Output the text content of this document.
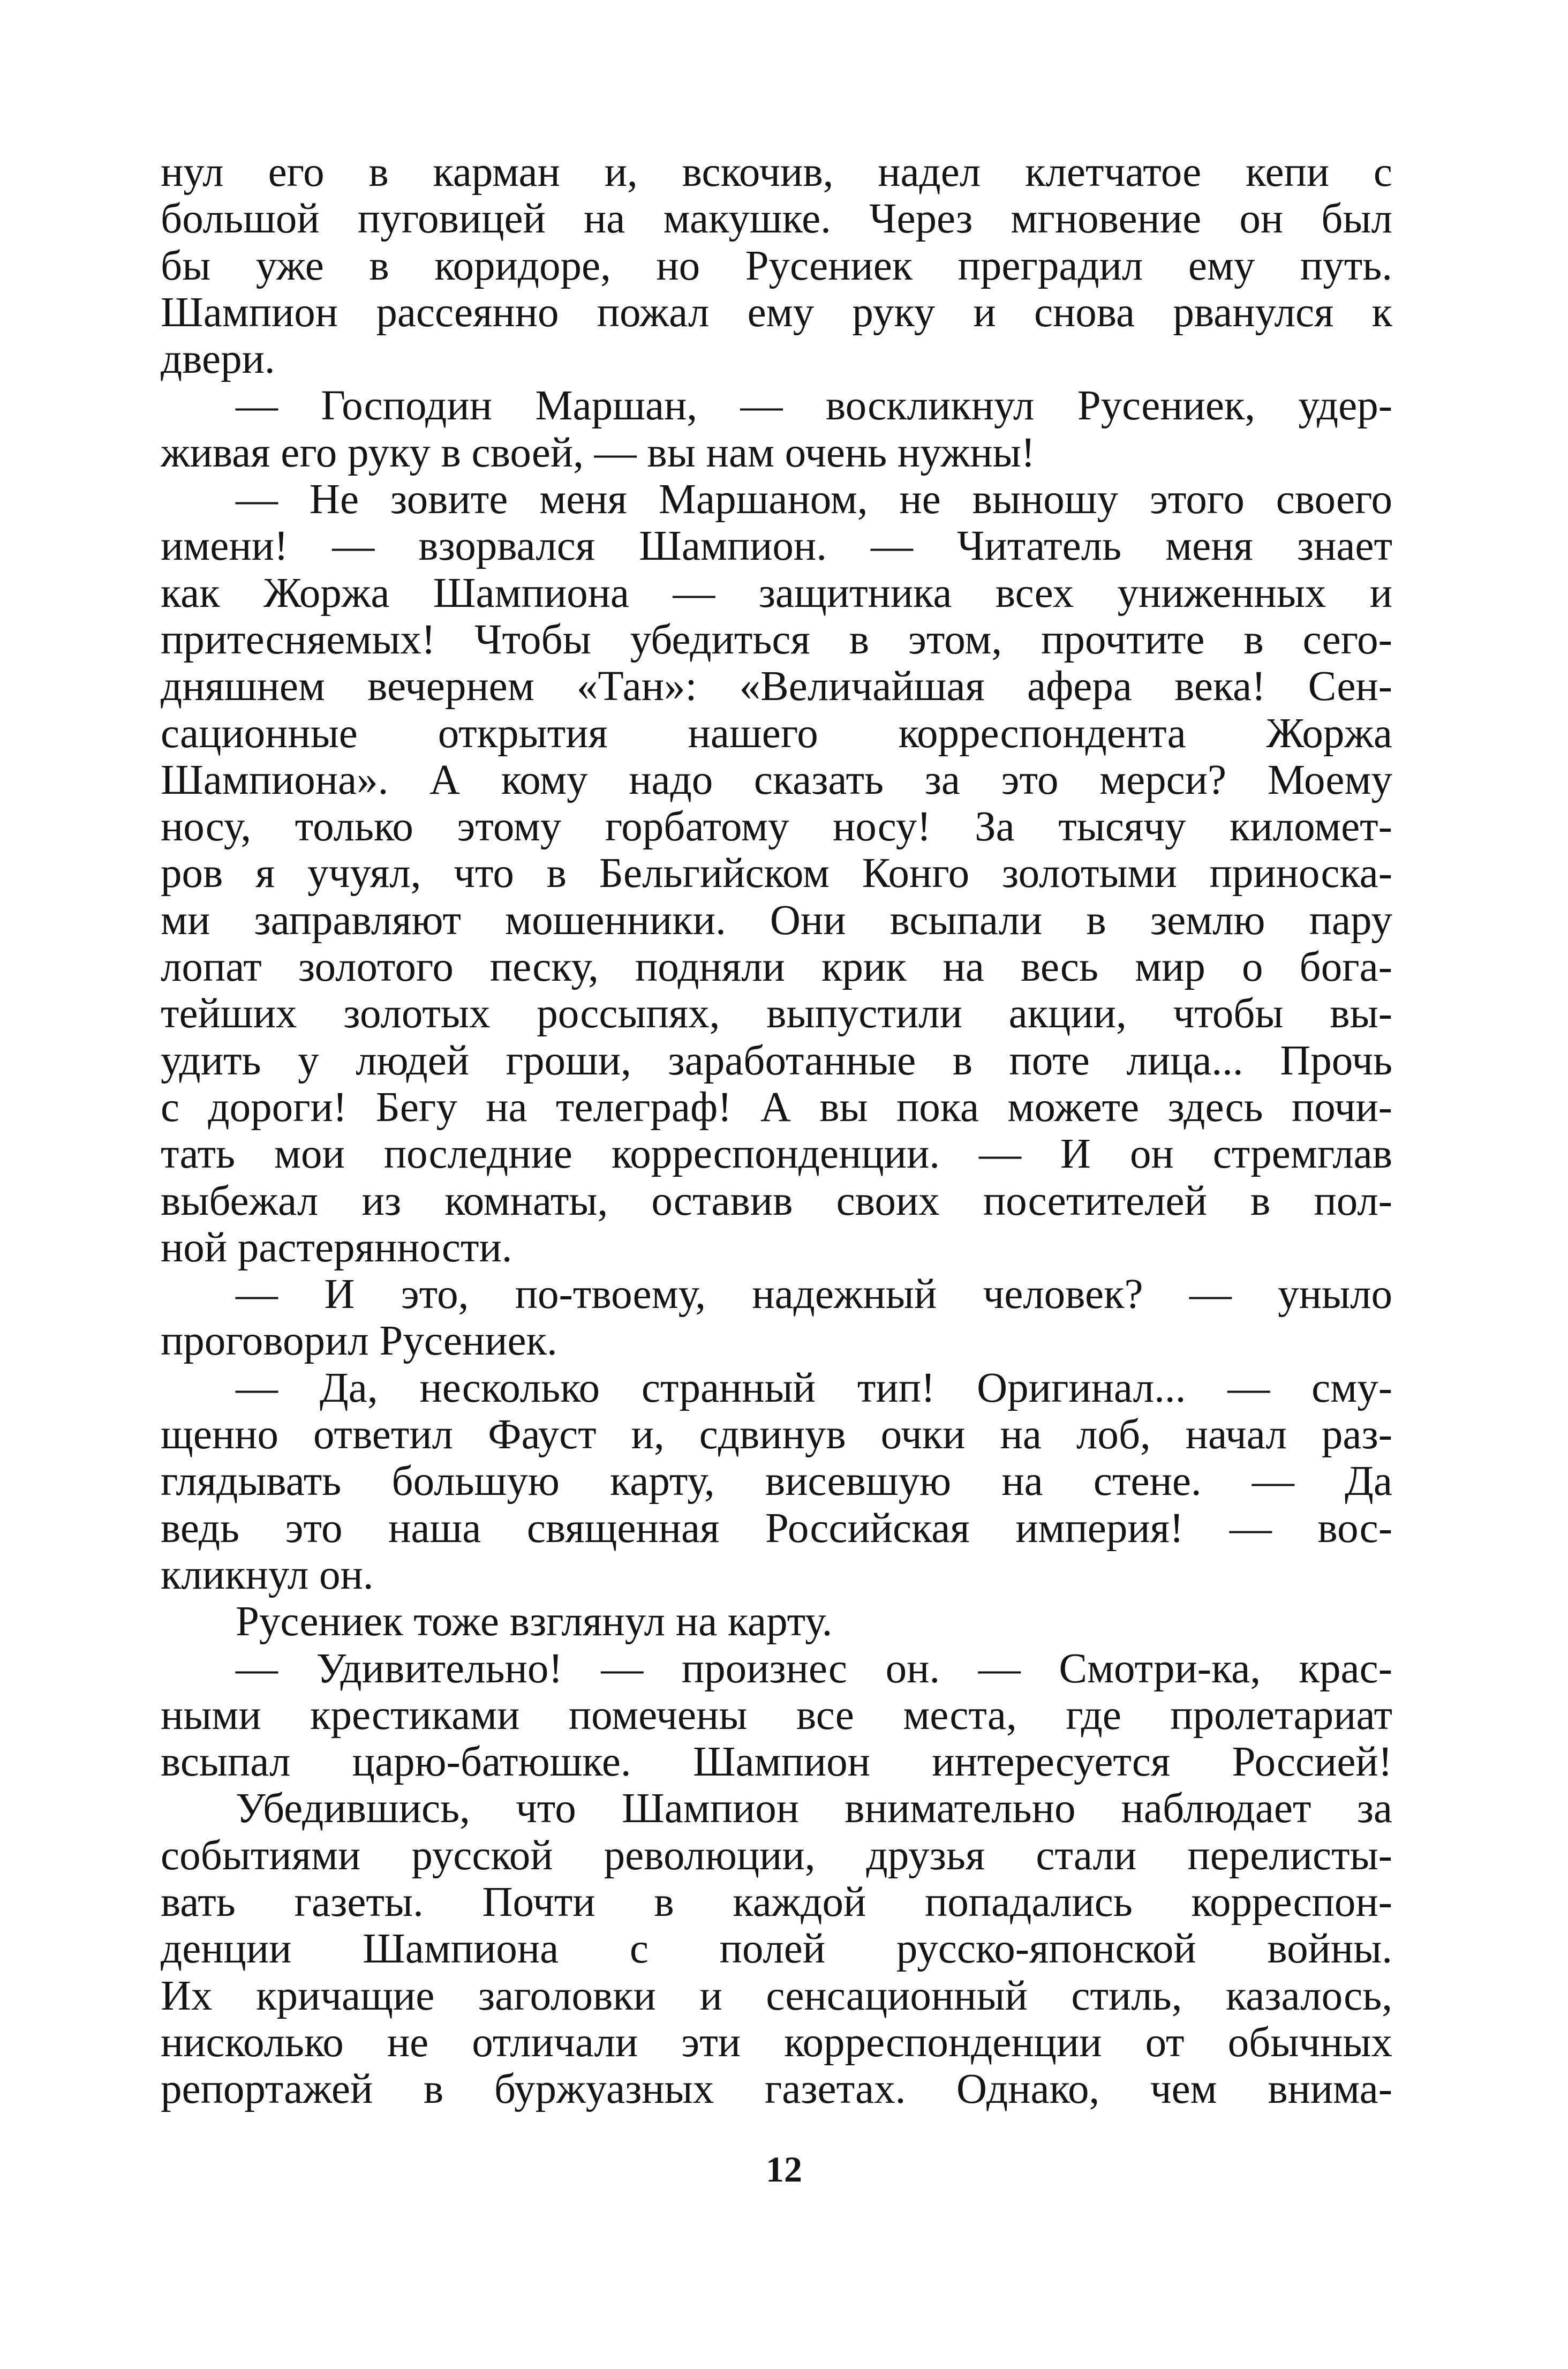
нул его в карман и, вскочив, надел клетчатое кепи с
большой пуговицей на макушке. Через мгновение он был
бы уже в коридоре, но Русениек преградил ему путь.
Шампион рассеянно пожал ему руку и снова рванулся к
двери.
— Господин Маршан, — воскликнул Русениек, удер-
живая его руку в своей, — вы нам очень нужны!
— Не зовите меня Маршаном, не выношу этого своего
имени! — взорвался Шампион. — Читатель меня знает
как Жоржа Шампиона — защитника всех униженных и
притесняемых! Чтобы убедиться в этом, прочтите в сего-
дняшнем вечернем «Тан»: «Величайшая афера века! Сен-
сационные открытия нашего корреспондента Жоржа
Шампиона». А кому надо сказать за это мерси? Моему
носу, только этому горбатому носу! За тысячу километ-
ров я учуял, что в Бельгийском Конго золотыми приноска-
ми заправляют мошенники. Они всыпали в землю пару
лопат золотого песку, подняли крик на весь мир о бога-
тейших золотых россыпях, выпустили акции, чтобы вы-
удить у людей гроши, заработанные в поте лица... Прочь
с дороги! Бегу на телеграф! А вы пока можете здесь почи-
тать мои последние корреспонденции. — И он стремглав
выбежал из комнаты, оставив своих посетителей в пол-
ной растерянности.
— И это, по-твоему, надежный человек? — уныло
проговорил Русениек.
— Да, несколько странный тип! Оригинал... — сму-
щенно ответил Фауст и, сдвинув очки на лоб, начал раз-
глядывать большую карту, висевшую на стене. — Да
ведь это наша священная Российская империя! — вос-
кликнул он.
Русениек тоже взглянул на карту.
— Удивительно! — произнес он. — Смотри-ка, крас-
ными крестиками помечены все места, где пролетариат
всыпал царю-батюшке. Шампион интересуется Россией!
Убедившись, что Шампион внимательно наблюдает за
событиями русской революции, друзья стали перелисты-
вать газеты. Почти в каждой попадались корреспон-
денции Шампиона с полей русско-японской войны.
Их кричащие заголовки и сенсационный стиль, казалось,
нисколько не отличали эти корреспонденции от обычных
репортажей в буржуазных газетах. Однако, чем внима-
12
